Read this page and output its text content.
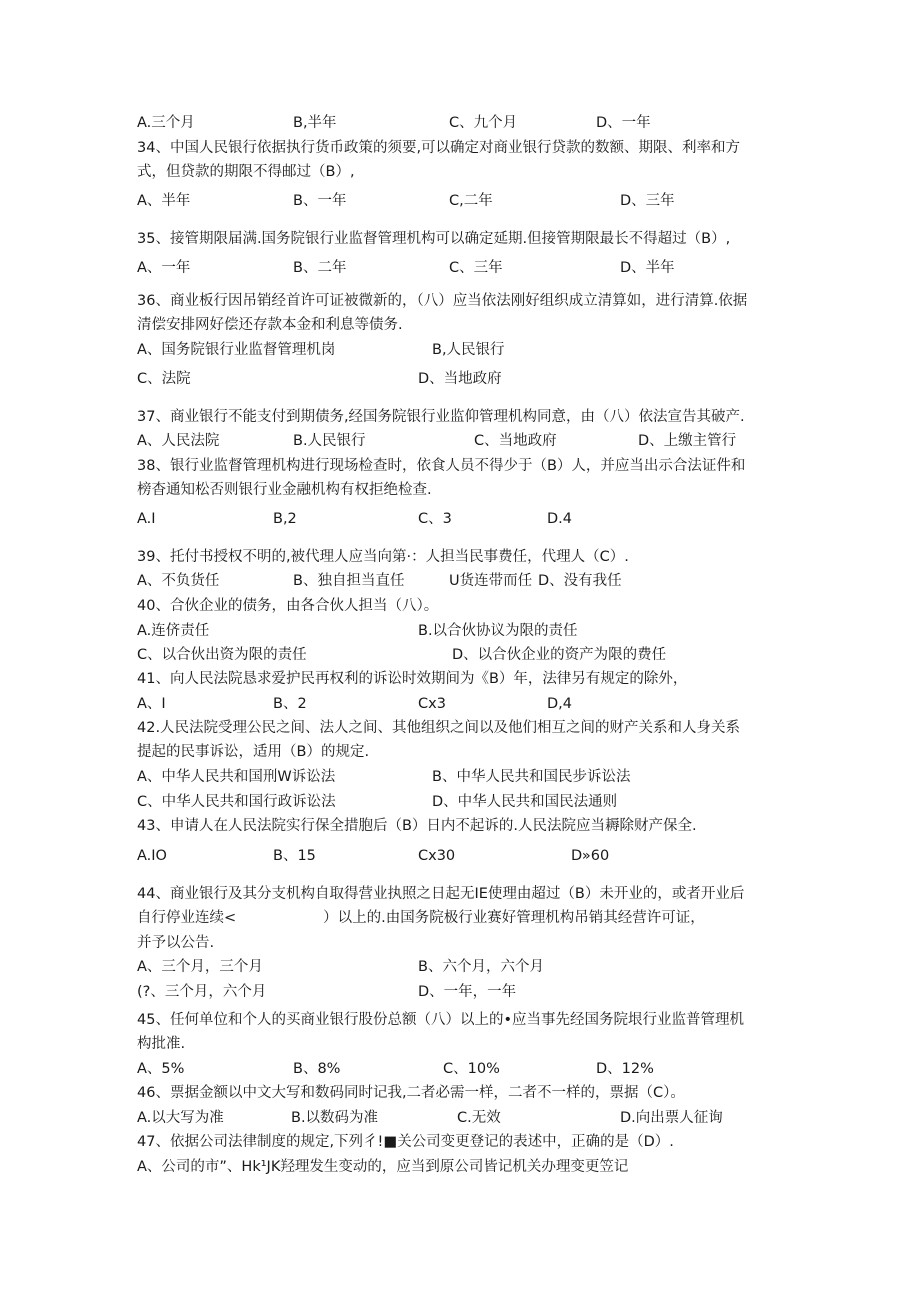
A.三个月	B,半年	C、九个月	D、一年
34、中国人民银行依据执行货币政策的须要,可以确定对商业银行贷款的数额、期限、利率和方
式，但贷款的期限不得邮过（B）,
A、半年	B、一年	C,二年	D、三年
35、接管期限届满.国务院银行业监督管理机构可以确定延期.但接管期限最长不得超过（B）,
A、一年	B、二年	C、三年	D、半年
36、商业板行因吊销经首许可证被微新的，（八）应当依法刚好组织成立清算如，进行清算.依据
清偿安排网好偿还存款本金和利息等债务.
A、国务院银行业监督管理机岗	B,人民银行
C、法院	D、当地政府
37、商业银行不能支付到期债务,经国务院银行业监仰管理机构同意，由（八）依法宣告其破产.
A、人民法院	B.人民银行	C、当地政府	D、上缴主管行
38、银行业监督管理机构进行现场检查时，依食人员不得少于（B）人，并应当出示合法证件和
榜杳通知松否则银行业金融机构有权拒绝检查.
A.I	B,2	C、3	D.4
39、托付书授权不明的,被代理人应当向第·：人担当民事费任，代理人（C）.
A、不负货任	B、独自担当直任	U货连带而任 D、没有我任
40、合伙企业的债务，由各合伙人担当（八）。
A.连侪责任	B.以合伙协议为限的责任
C、以合伙出资为限的责任	D、以合伙企业的资产为限的费任
41、向人民法院恳求爱护民再权利的诉讼时效期间为《B）年，法律另有规定的除外，
A、I	B、2	Cx3	D,4
42.人民法院受理公民之间、法人之间、其他组织之间以及他们相互之间的财产关系和人身关系
提起的民事诉讼，适用（B）的规定.
A、中华人民共和国刑W诉讼法	B、中华人民共和国民步诉讼法
C、中华人民共和国行政诉讼法	D、中华人民共和国民法通则
43、申请人在人民法院实行保全措胞后（B）日内不起诉的.人民法院应当耨除财产保全.
A.IO	B、15	Cx30	D»60
44、商业银行及其分支机构自取得营业执照之日起无IE使理由超过（B）未开业的，或者开业后
自行停业连续<　　　　　　）以上的.由国务院极行业赛好管理机构吊销其经营许可证，
并予以公告.
A、三个月，三个月	B、六个月，六个月
(?、三个月，六个月	D、一年，一年
45、任何单位和个人的买商业银行股份总额（八）以上的•应当事先经国务院垠行业监普管理机
构批准.
A、5%	B、8%	C、10%	D、12%
46、票据金额以中文大写和数码同时记我,二者必需一样，二者不一样的，票据（C）。
A.以大写为准	B.以数码为准	C.无效	D.向出票人征询
47、依据公司法律制度的规定,下列彳!■关公司变更登记的表述中，正确的是（D）.
A、公司的市”、Hk¹JK羟理发生变动的，应当到原公司皆记机关办理变更笠记
